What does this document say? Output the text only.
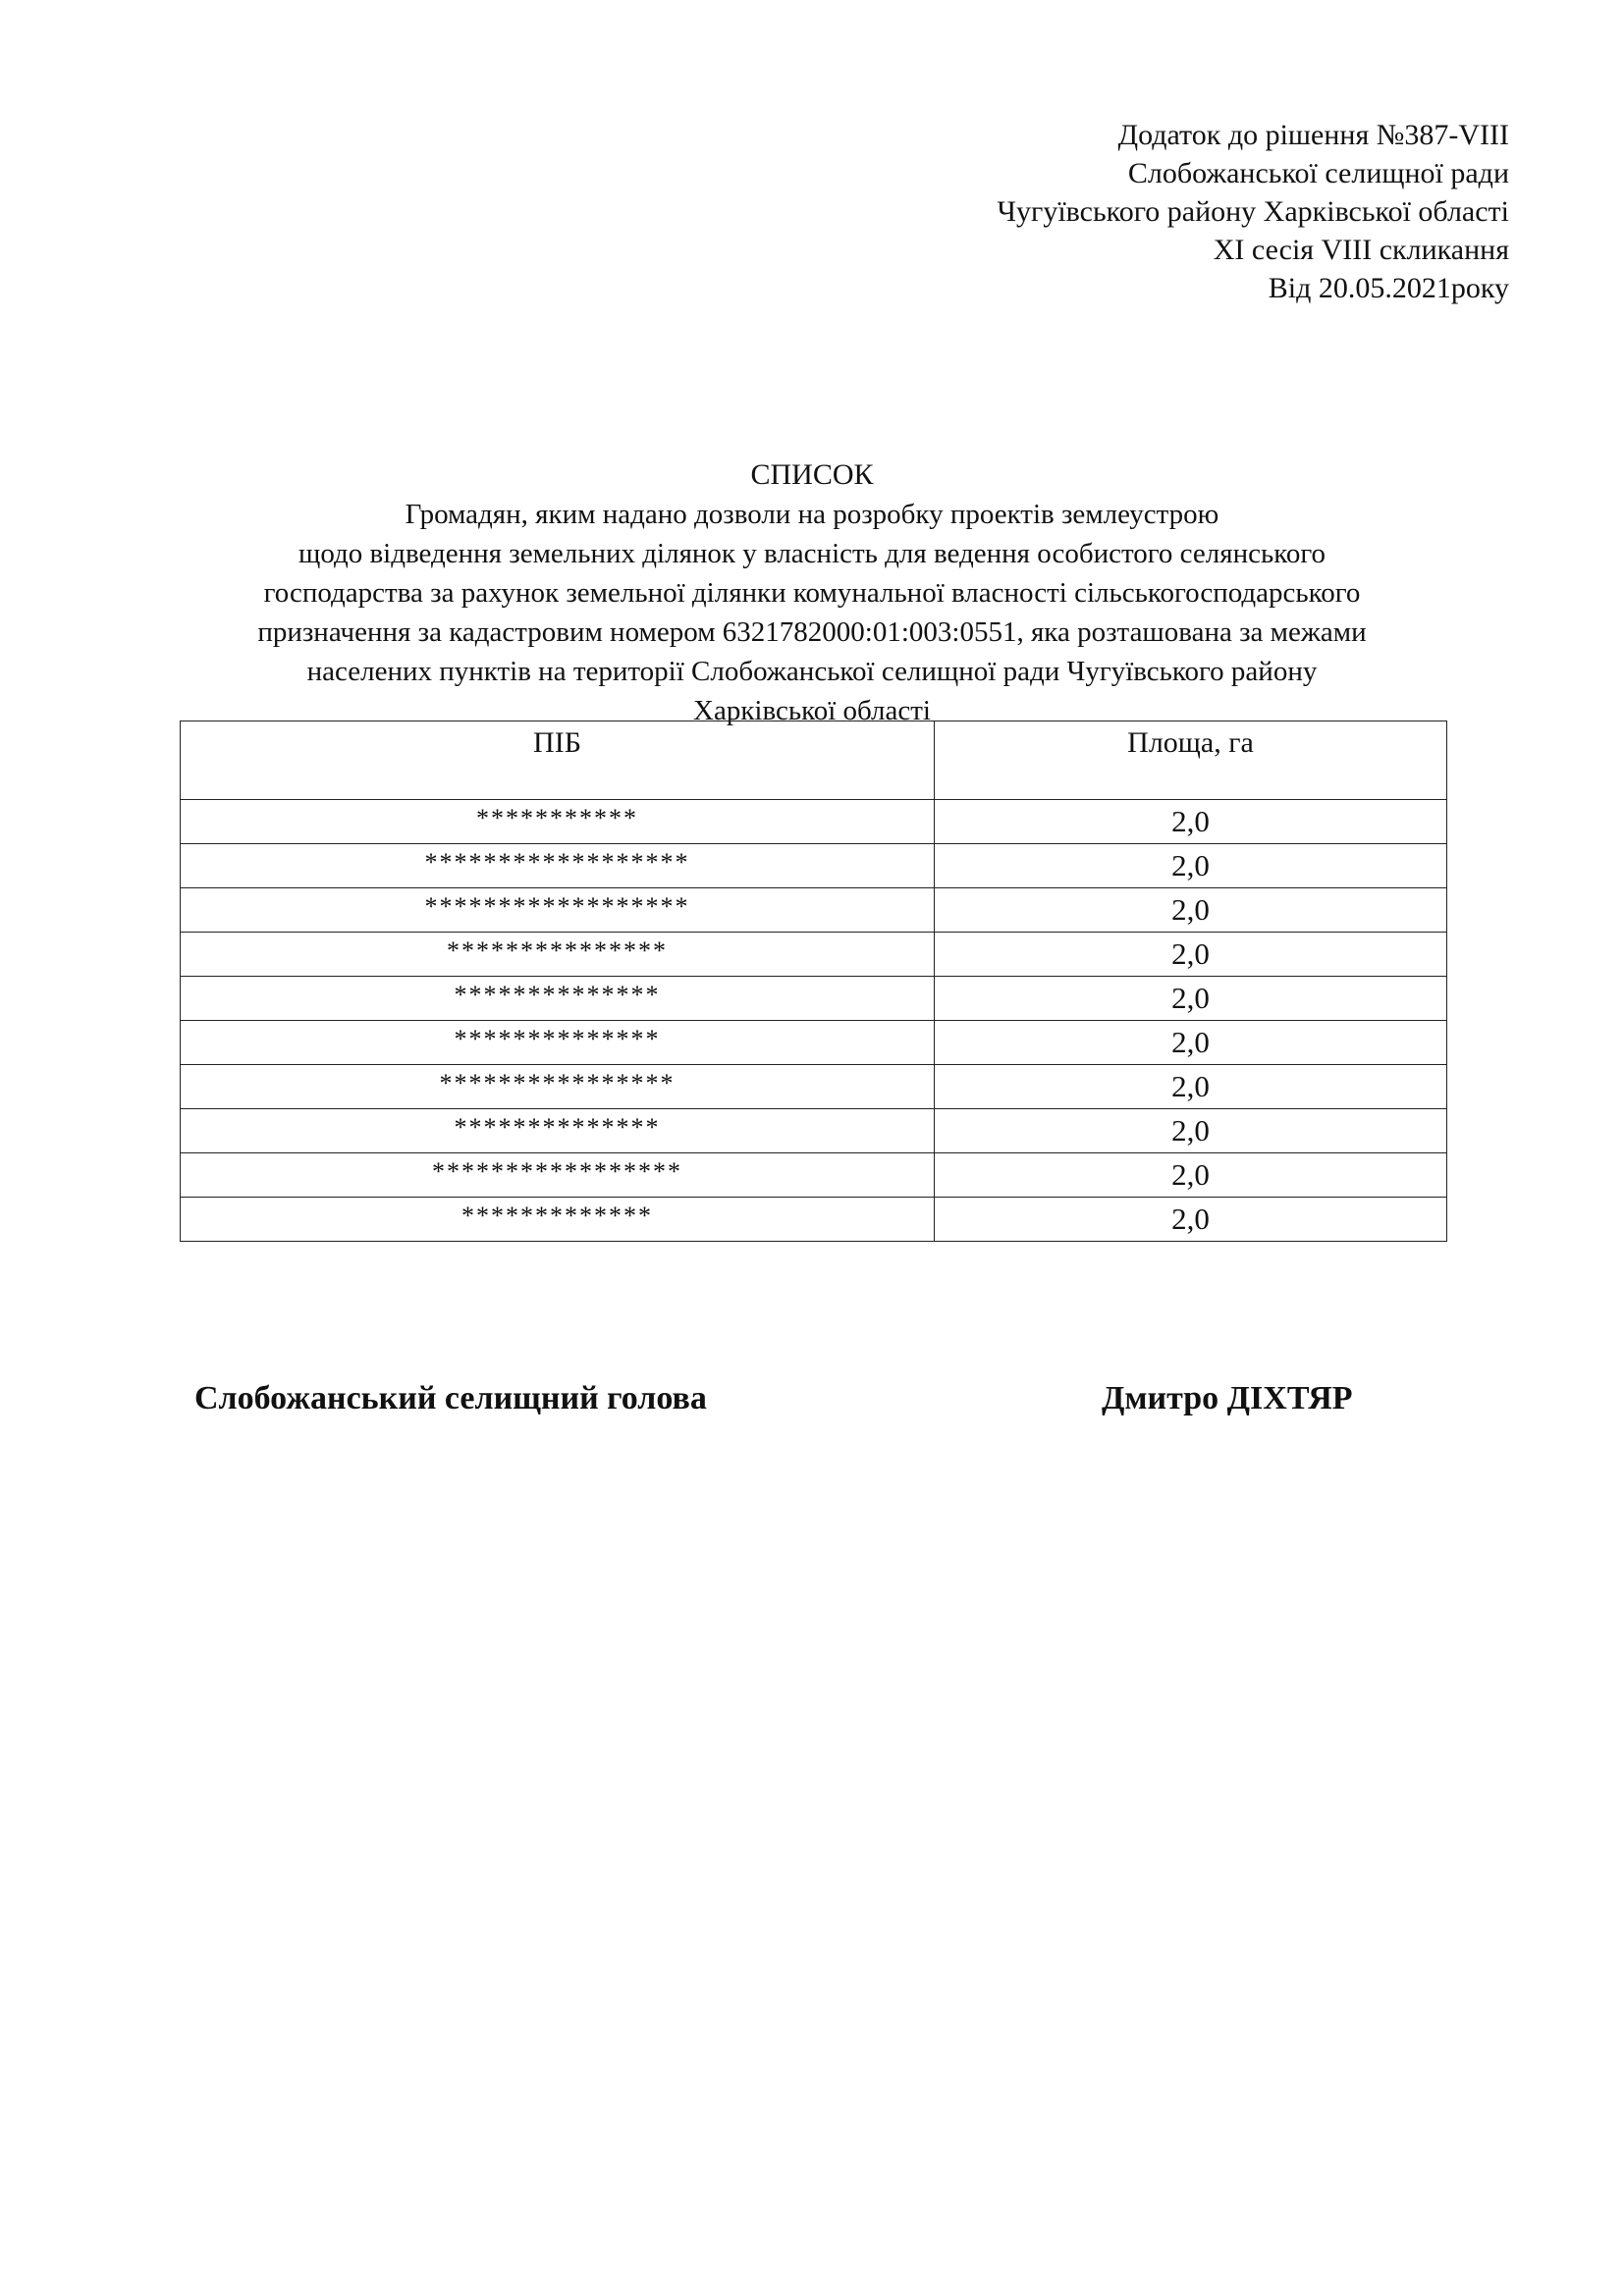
Додаток до рішення №387-VIII
Слобожанської селищної ради
Чугуївського району Харківської області
XI сесія VIII скликання
Від 20.05.2021року
СПИСОК
Громадян, яким надано дозволи на розробку проектів землеустрою
щодо відведення земельних ділянок у власність для ведення особистого селянського
господарства за рахунок земельної ділянки комунальної власності сільськогосподарського
призначення за кадастровим номером 6321782000:01:003:0551, яка розташована за межами
населених пунктів на території Слобожанської селищної ради Чугуївського району
Харківської області
ПІБ	Площа, га
***********	2,0
******************	2,0
******************	2,0
***************	2,0
**************	2,0
**************	2,0
****************	2,0
**************	2,0
*****************	2,0
*************	2,0
Слобожанський селищний голова	Дмитро ДІХТЯР
